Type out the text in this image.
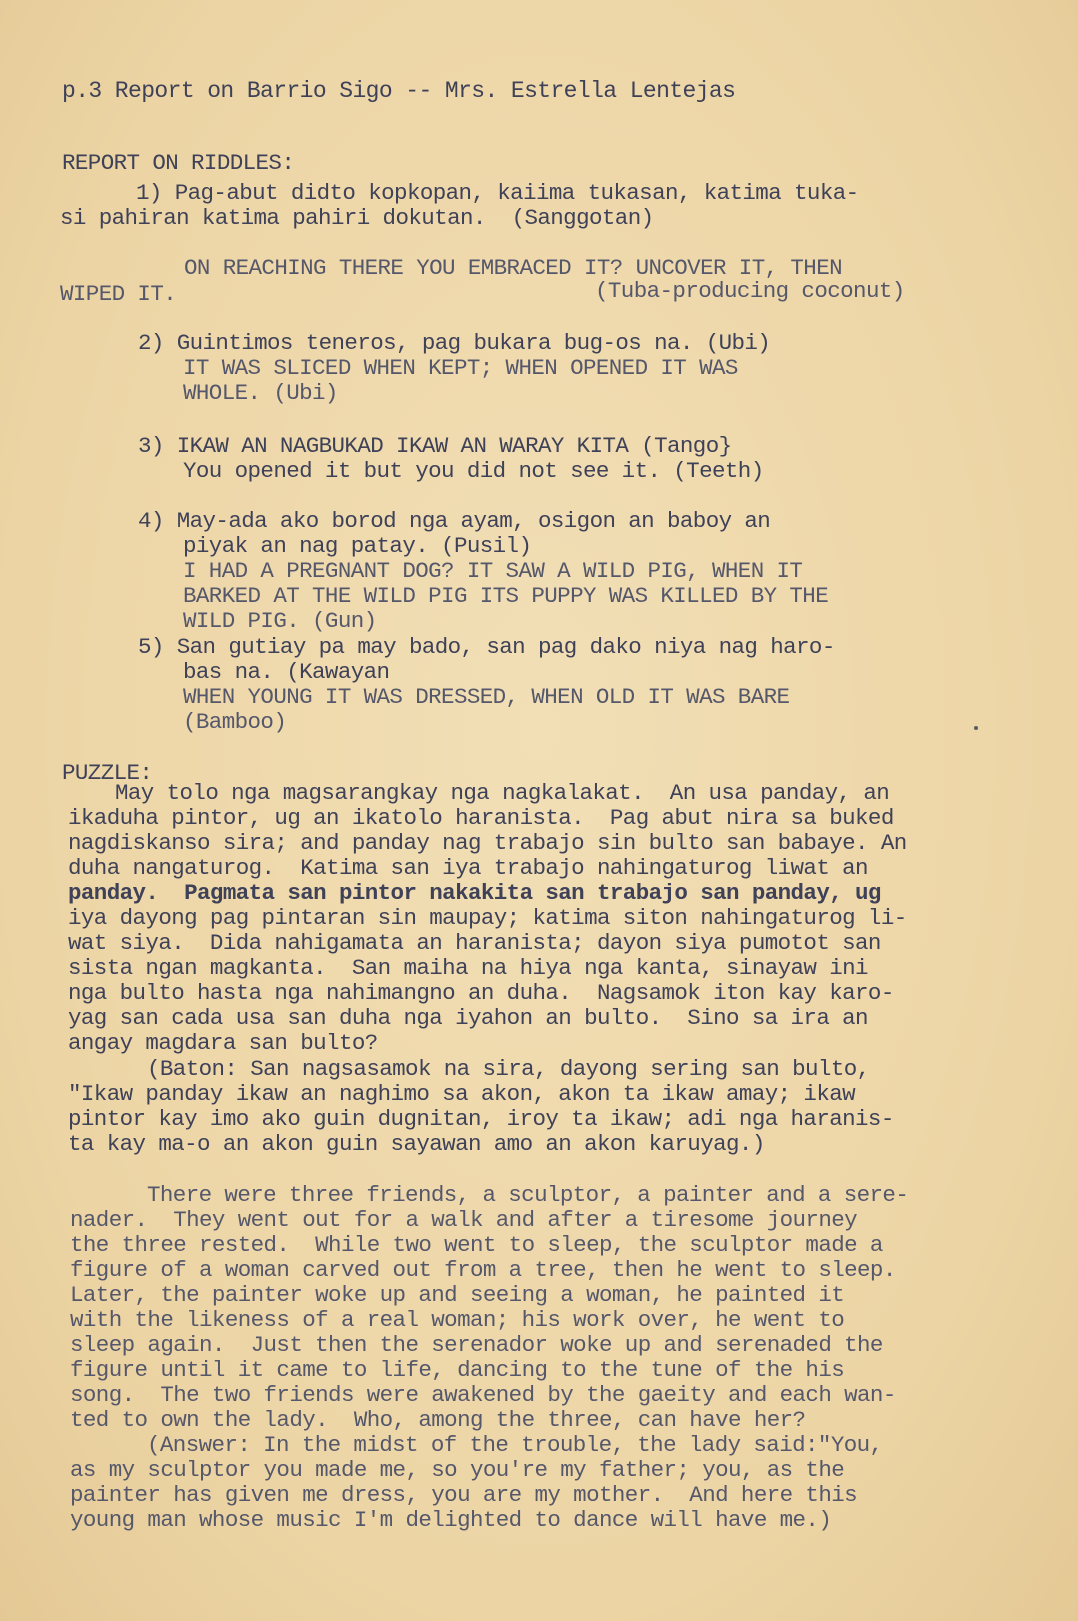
p.3 Report on Barrio Sigo -- Mrs. Estrella Lentejas
REPORT ON RIDDLES:
1) Pag-abut didto kopkopan, kaiima tukasan, katima tuka-
si pahiran katima pahiri dokutan.  (Sanggotan)
ON REACHING THERE YOU EMBRACED IT? UNCOVER IT, THEN
WIPED IT.	(Tuba-producing coconut)
2) Guintimos teneros, pag bukara bug-os na. (Ubi)
IT WAS SLICED WHEN KEPT; WHEN OPENED IT WAS
WHOLE. (Ubi)
3) IKAW AN NAGBUKAD IKAW AN WARAY KITA (Tango}
You opened it but you did not see it. (Teeth)
4) May-ada ako borod nga ayam, osigon an baboy an
piyak an nag patay. (Pusil)
I HAD A PREGNANT DOG? IT SAW A WILD PIG, WHEN IT
BARKED AT THE WILD PIG ITS PUPPY WAS KILLED BY THE
WILD PIG. (Gun)
5) San gutiay pa may bado, san pag dako niya nag haro-
bas na. (Kawayan
WHEN YOUNG IT WAS DRESSED, WHEN OLD IT WAS BARE
(Bamboo)
PUZZLE:
May tolo nga magsarangkay nga nagkalakat.  An usa panday, an
ikaduha pintor, ug an ikatolo haranista.  Pag abut nira sa buked
nagdiskanso sira; and panday nag trabajo sin bulto san babaye. An
duha nangaturog.  Katima san iya trabajo nahingaturog liwat an
panday.  Pagmata san pintor nakakita san trabajo san panday, ug
iya dayong pag pintaran sin maupay; katima siton nahingaturog li-
wat siya.  Dida nahigamata an haranista; dayon siya pumotot san
sista ngan magkanta.  San maiha na hiya nga kanta, sinayaw ini
nga bulto hasta nga nahimangno an duha.  Nagsamok iton kay karo-
yag san cada usa san duha nga iyahon an bulto.  Sino sa ira an
angay magdara san bulto?
(Baton: San nagsasamok na sira, dayong sering san bulto,
"Ikaw panday ikaw an naghimo sa akon, akon ta ikaw amay; ikaw
pintor kay imo ako guin dugnitan, iroy ta ikaw; adi nga haranis-
ta kay ma-o an akon guin sayawan amo an akon karuyag.)
There were three friends, a sculptor, a painter and a sere-
nader.  They went out for a walk and after a tiresome journey
the three rested.  While two went to sleep, the sculptor made a
figure of a woman carved out from a tree, then he went to sleep.
Later, the painter woke up and seeing a woman, he painted it
with the likeness of a real woman; his work over, he went to
sleep again.  Just then the serenador woke up and serenaded the
figure until it came to life, dancing to the tune of the his
song.  The two friends were awakened by the gaeity and each wan-
ted to own the lady.  Who, among the three, can have her?
(Answer: In the midst of the trouble, the lady said:"You,
as my sculptor you made me, so you're my father; you, as the
painter has given me dress, you are my mother.  And here this
young man whose music I'm delighted to dance will have me.)
